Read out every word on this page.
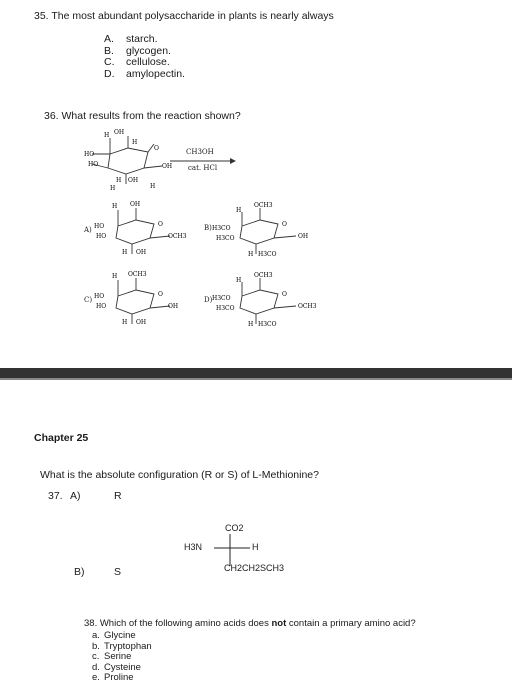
35. The most abundant polysaccharide in plants is nearly always
A. starch.
B. glycogen.
C. cellulose.
D. amylopectin.
36. What results from the reaction shown?
H OH
H
O
HO
HO	OH
H OH
H	H
CH3OH
cat. HCl
A)	B)
C)	D)
H OH
HO
HO
O
OCH3
H OH
OCH3
H
H3CO
H3CO
O
OH
H H3CO
H OCH3
HO
HO
O
OH
H OH
OCH3
H
H3CO
H3CO
O
OCH3
H H3CO
Chapter 25
What is the absolute configuration (R or S) of L-Methionine?
37. A)	R
B)	S
CO2
H3N	H
CH2CH2SCH3
38. Which of the following amino acids does not contain a primary amino acid?
a. Glycine
b. Tryptophan
c. Serine
d. Cysteine
e. Proline
